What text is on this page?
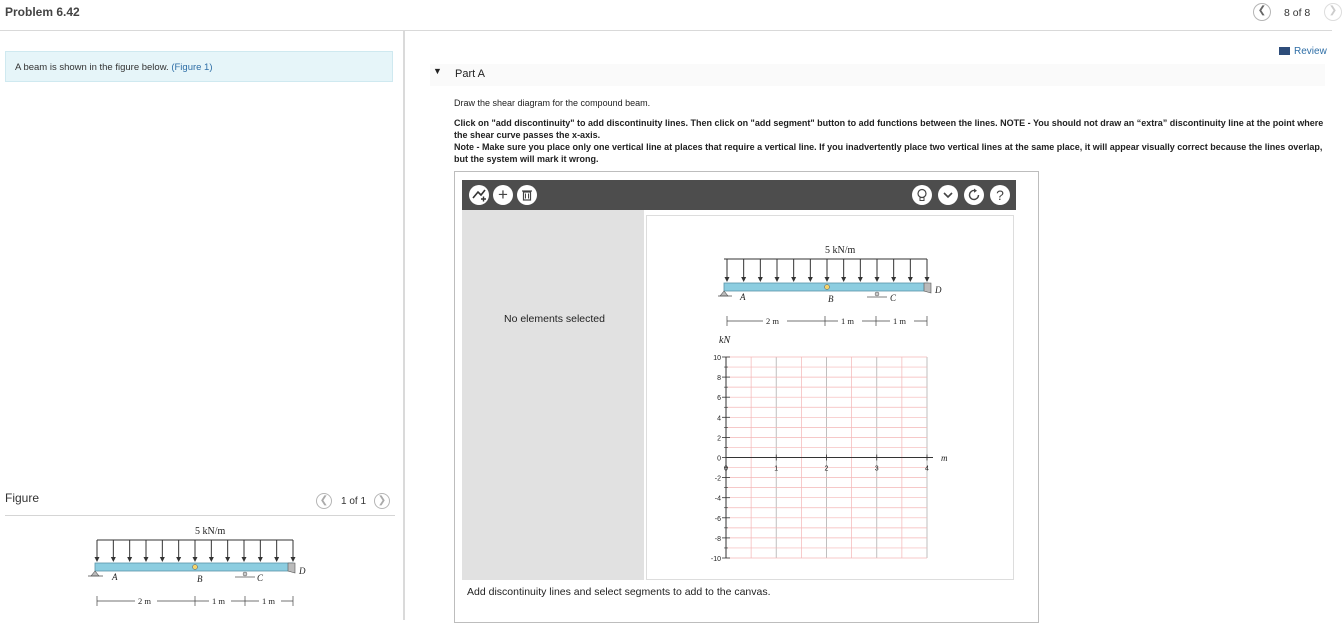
Problem 6.42	❮	8 of 8	❯
A beam is shown in the figure below. (Figure 1)
Figure	❮	1 of 1	❯
5 kN/m
A	B	C
D
2 m	1 m	1 m
Review
▼ Part A
Draw the shear diagram for the compound beam.
Click on "add discontinuity" to add discontinuity lines. Then click on "add segment" button to add functions between the lines. NOTE - You should not draw an “extra” discontinuity line at the point where the shear curve passes the x-axis.
Note - Make sure you place only one vertical line at places that require a vertical line. If you inadvertently place two vertical lines at the same place, it will appear visually correct because the lines overlap, but the system will mark it wrong.
+	?
No elements selected
5 kN/m
A	B	C
D
2 m	1 m	1 m
kN
m
10
8
6
4
2
0
-2
-4
-6
-8
-10
0	1	2	3	4
Add discontinuity lines and select segments to add to the canvas.
